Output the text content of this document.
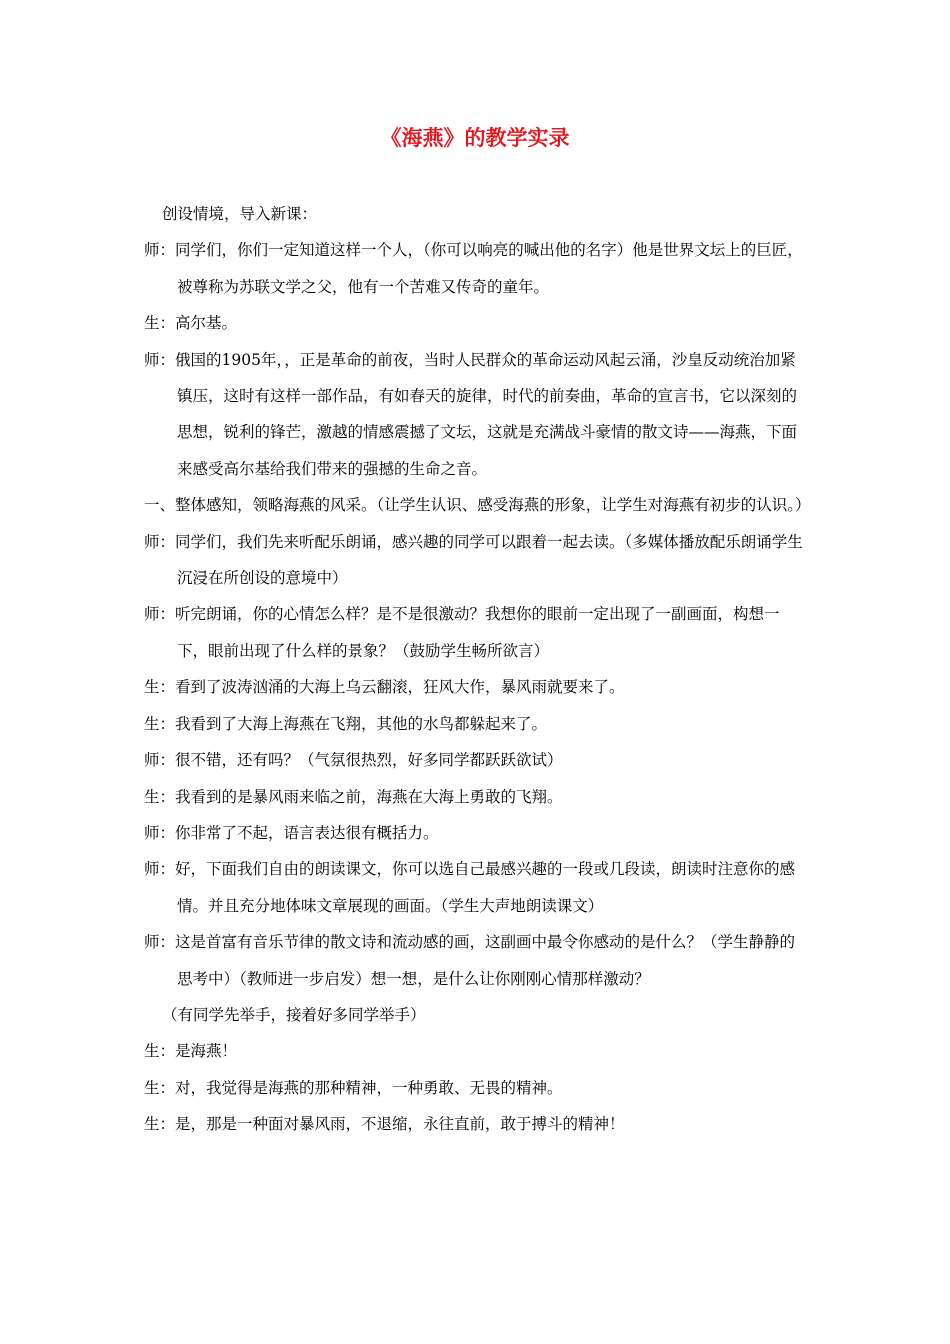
《海燕》的教学实录

创设情境，导入新课：

师：同学们，你们一定知道这样一个人，（你可以响亮的喊出他的名字）他是世界文坛上的巨匠，被尊称为苏联文学之父，他有一个苦难又传奇的童年。

生：高尔基。

师：俄国的1905年，，正是革命的前夜，当时人民群众的革命运动风起云涌，沙皇反动统治加紧镇压，这时有这样一部作品，有如春天的旋律，时代的前奏曲，革命的宣言书，它以深刻的思想，锐利的锋芒，激越的情感震撼了文坛，这就是充满战斗豪情的散文诗——海燕，下面来感受高尔基给我们带来的强撼的生命之音。

一、整体感知，领略海燕的风采。（让学生认识、感受海燕的形象，让学生对海燕有初步的认识。）

师：同学们，我们先来听配乐朗诵，感兴趣的同学可以跟着一起去读。（多媒体播放配乐朗诵学生沉浸在所创设的意境中）

师：听完朗诵，你的心情怎么样？是不是很激动？我想你的眼前一定出现了一副画面，构想一下，眼前出现了什么样的景象？（鼓励学生畅所欲言）

生：看到了波涛汹涌的大海上乌云翻滚，狂风大作，暴风雨就要来了。

生：我看到了大海上海燕在飞翔，其他的水鸟都躲起来了。

师：很不错，还有吗？（气氛很热烈，好多同学都跃跃欲试）

生：我看到的是暴风雨来临之前，海燕在大海上勇敢的飞翔。

师：你非常了不起，语言表达很有概括力。

师：好，下面我们自由的朗读课文，你可以选自己最感兴趣的一段或几段读，朗读时注意你的感情。并且充分地体味文章展现的画面。（学生大声地朗读课文）

师：这是首富有音乐节律的散文诗和流动感的画，这副画中最令你感动的是什么？（学生静静的思考中）（教师进一步启发）想一想，是什么让你刚刚心情那样激动？

（有同学先举手，接着好多同学举手）

生：是海燕！

生：对，我觉得是海燕的那种精神，一种勇敢、无畏的精神。

生：是，那是一种面对暴风雨，不退缩，永往直前，敢于搏斗的精神！
